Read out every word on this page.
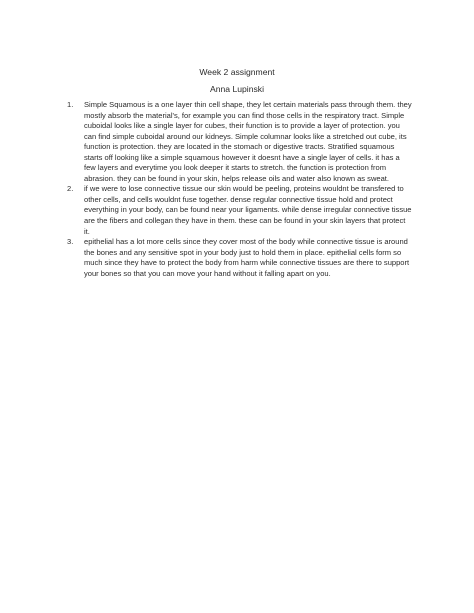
Week 2 assignment
Anna Lupinski
1. Simple Squamous is a one layer thin cell shape, they let certain materials pass through them. they mostly absorb the material's, for example you can find those cells in the respiratory tract. Simple cuboidal looks like a single layer for cubes, their function is to provide a layer of protection. you can find simple cuboidal around our kidneys. Simple columnar looks like a stretched out cube, its function is protection. they are located in the stomach or digestive tracts. Stratified squamous starts off looking like a simple squamous however it doesnt have a single layer of cells. it has a few layers and everytime you look deeper it starts to stretch. the function is protection from abrasion. they can be found in your skin, helps release oils and water also known as sweat.
2. if we were to lose connective tissue our skin would be peeling, proteins wouldnt be transfered to other cells, and cells wouldnt fuse together. dense regular connective tissue hold and protect everything in your body, can be found near your ligaments. while dense irregular connective tissue are the fibers and collegan they have in them. these can be found in your skin layers that protect it.
3. epithelial has a lot more cells since they cover most of the body while connective tissue is around the bones and any sensitive spot in your body just to hold them in place. epithelial cells form so much since they have to protect the body from harm while connective tissues are there to support your bones so that you can move your hand without it falling apart on you.
